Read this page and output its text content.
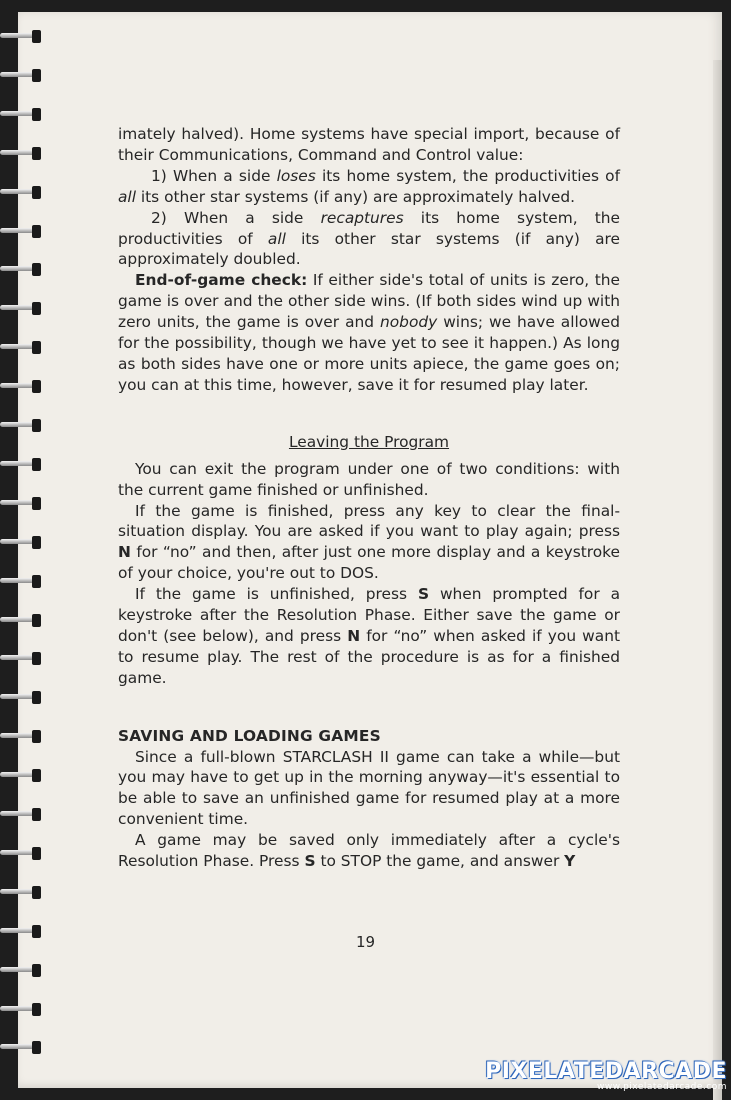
imately halved). Home systems have special import, because of their Communications, Command and Control value:

1) When a side loses its home system, the productivities of all its other star systems (if any) are approximately halved.

2) When a side recaptures its home system, the productivities of all its other star systems (if any) are approximately doubled.

End-of-game check: If either side's total of units is zero, the game is over and the other side wins. (If both sides wind up with zero units, the game is over and nobody wins; we have allowed for the possibility, though we have yet to see it happen.) As long as both sides have one or more units apiece, the game goes on; you can at this time, however, save it for resumed play later.

Leaving the Program

You can exit the program under one of two conditions: with the current game finished or unfinished.

If the game is finished, press any key to clear the final-situation display. You are asked if you want to play again; press N for “no” and then, after just one more display and a keystroke of your choice, you're out to DOS.

If the game is unfinished, press S when prompted for a keystroke after the Resolution Phase. Either save the game or don't (see below), and press N for “no” when asked if you want to resume play. The rest of the procedure is as for a finished game.

SAVING AND LOADING GAMES

Since a full-blown STARCLASH II game can take a while—but you may have to get up in the morning anyway—it's essential to be able to save an unfinished game for resumed play at a more convenient time.

A game may be saved only immediately after a cycle's Resolution Phase. Press S to STOP the game, and answer Y

19
PIXELATEDARCADE
www.pixelatedarcade.com
